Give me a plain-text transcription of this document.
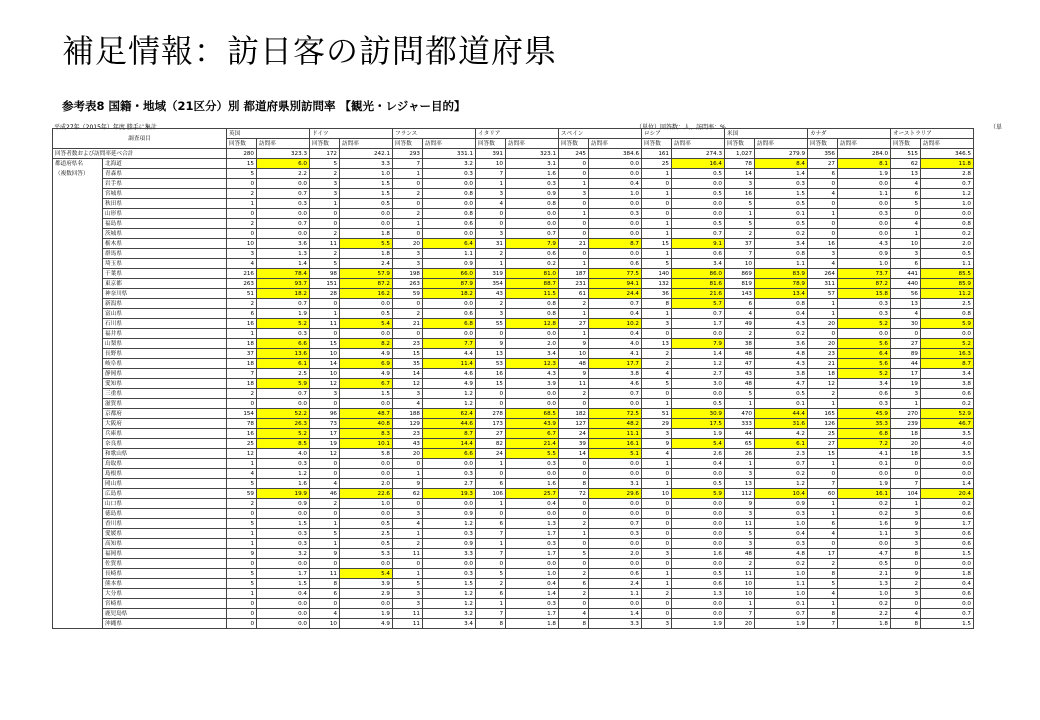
補足情報：訪日客の訪問都道府県
参考表8 国籍・地域（21区分）別 都道府県別訪問率 【観光・レジャー目的】
平成27年（2015年）年度 勝手に集計	（単位）回答数：人、訪問率：%	（単
調査項目		英国		ドイツ		フランス		イタリア		スペイン		ロシア		米国		カナダ		オーストラリア	
		回答数	訪問率	回答数	訪問率	回答数	訪問率	回答数	訪問率	回答数	訪問率	回答数	訪問率	回答数	訪問率	回答数	訪問率	回答数	訪問率
回答者数および訪問率延べ合計		280	323.3	172	242.1	293	331.1	391	323.1	245	384.6	161	274.3	1,027	279.9	356	284.0	515	346.5
都道府県名	北海道	15	6.0	5	3.3	7	3.2	10	3.1	0	0.0	25	16.4	78	8.4	27	8.1	62	11.8
（複数回答）	青森県	5	2.2	2	1.0	1	0.3	7	1.6	0	0.0	1	0.5	14	1.4	6	1.9	13	2.8
	岩手県	0	0.0	3	1.5	0	0.0	1	0.3	1	0.4	0	0.0	3	0.3	0	0.0	4	0.7
	宮城県	2	0.7	3	1.5	2	0.8	3	0.9	3	1.0	1	0.5	16	1.5	4	1.1	6	1.2
	秋田県	1	0.3	1	0.5	0	0.0	4	0.8	0	0.0	0	0.0	5	0.5	0	0.0	5	1.0
	山形県	0	0.0	0	0.0	2	0.8	0	0.0	1	0.3	0	0.0	1	0.1	1	0.3	0	0.0
	福島県	2	0.7	0	0.0	1	0.6	0	0.0	0	0.0	1	0.5	5	0.5	0	0.0	4	0.8
	茨城県	0	0.0	2	1.8	0	0.0	3	0.7	0	0.0	1	0.7	2	0.2	0	0.0	1	0.2
	栃木県	10	3.6	11	5.5	20	6.4	31	7.9	21	8.7	15	9.1	37	3.4	16	4.3	10	2.0
	群馬県	3	1.3	2	1.8	3	1.1	2	0.6	0	0.0	1	0.6	7	0.8	3	0.9	3	0.5
	埼玉県	4	1.4	5	2.4	3	0.9	1	0.2	1	0.6	5	3.4	10	1.1	4	1.0	6	1.1
	千葉県	216	78.4	98	57.9	198	66.0	319	81.0	187	77.5	140	86.0	869	83.9	264	73.7	441	85.5
	東京都	263	93.7	151	87.2	263	87.9	354	88.7	231	94.1	132	81.6	819	78.9	311	87.2	440	85.9
	神奈川県	51	18.2	28	16.2	59	18.2	43	11.5	61	24.4	36	21.6	143	13.4	57	15.8	56	11.2
	新潟県	2	0.7	0	0.0	0	0.0	2	0.8	2	0.7	8	5.7	6	0.8	1	0.3	13	2.5
	富山県	6	1.9	1	0.5	2	0.6	3	0.8	1	0.4	1	0.7	4	0.4	1	0.3	4	0.8
	石川県	16	5.2	11	5.4	21	6.8	55	12.8	27	10.2	3	1.7	49	4.3	20	5.2	30	5.9
	福井県	1	0.3	0	0.0	0	0.0	0	0.0	1	0.4	0	0.0	2	0.2	0	0.0	0	0.0
	山梨県	18	6.6	15	8.2	23	7.7	9	2.0	9	4.0	13	7.9	38	3.6	20	5.6	27	5.2
	長野県	37	13.6	10	4.9	15	4.4	13	3.4	10	4.1	2	1.4	48	4.8	23	6.4	89	16.3
	岐阜県	18	6.1	14	6.9	35	11.4	53	12.3	48	17.7	2	1.2	47	4.3	21	5.6	44	8.7
	静岡県	7	2.5	10	4.9	14	4.6	16	4.3	9	3.8	4	2.7	43	3.8	18	5.2	17	3.4
	愛知県	18	5.9	12	6.7	12	4.9	15	3.9	11	4.6	5	3.0	48	4.7	12	3.4	19	3.8
	三重県	2	0.7	3	1.5	3	1.2	0	0.0	2	0.7	0	0.0	5	0.5	2	0.6	3	0.6
	滋賀県	0	0.0	0	0.0	4	1.2	0	0.0	0	0.0	1	0.5	1	0.1	1	0.3	1	0.2
	京都府	154	52.2	96	48.7	188	62.4	278	68.5	182	72.5	51	30.9	470	44.4	165	45.9	270	52.9
	大阪府	78	26.3	73	40.8	129	44.6	173	43.9	127	48.2	29	17.5	333	31.6	126	35.3	239	46.7
	兵庫県	16	5.2	17	8.3	23	8.7	27	6.7	24	11.1	3	1.9	44	4.2	25	6.8	18	3.5
	奈良県	25	8.5	19	10.1	43	14.4	82	21.4	39	16.1	9	5.4	65	6.1	27	7.2	20	4.0
	和歌山県	12	4.0	12	5.8	20	6.6	24	5.5	14	5.1	4	2.6	26	2.3	15	4.1	18	3.5
	鳥取県	1	0.3	0	0.0	0	0.0	1	0.3	0	0.0	1	0.4	1	0.7	1	0.1	0	0.0
	島根県	4	1.2	0	0.0	1	0.3	0	0.0	0	0.0	0	0.0	3	0.2	0	0.0	0	0.0
	岡山県	5	1.6	4	2.0	9	2.7	6	1.6	8	3.1	1	0.5	13	1.2	7	1.9	7	1.4
	広島県	59	19.9	46	22.6	62	19.3	106	25.7	72	29.6	10	5.9	112	10.4	60	16.1	104	20.4
	山口県	2	0.9	2	1.0	0	0.0	1	0.4	0	0.0	0	0.0	9	0.9	1	0.2	1	0.2
	徳島県	0	0.0	0	0.0	3	0.9	0	0.0	0	0.0	0	0.0	3	0.3	1	0.2	3	0.6
	香川県	5	1.5	1	0.5	4	1.2	6	1.3	2	0.7	0	0.0	11	1.0	6	1.6	9	1.7
	愛媛県	1	0.3	5	2.5	1	0.3	7	1.7	1	0.3	0	0.0	5	0.4	4	1.1	3	0.6
	高知県	1	0.3	1	0.5	2	0.9	1	0.3	0	0.0	0	0.0	3	0.3	0	0.0	3	0.6
	福岡県	9	3.2	9	5.3	11	3.3	7	1.7	5	2.0	3	1.6	48	4.8	17	4.7	8	1.5
	佐賀県	0	0.0	0	0.0	0	0.0	0	0.0	0	0.0	0	0.0	2	0.2	2	0.5	0	0.0
	長崎県	5	1.7	11	5.4	1	0.3	5	1.0	2	0.6	1	0.5	11	1.0	8	2.1	9	1.8
	熊本県	5	1.5	8	3.9	5	1.5	2	0.4	6	2.4	1	0.6	10	1.1	5	1.3	2	0.4
	大分県	1	0.4	6	2.9	3	1.2	6	1.4	2	1.1	2	1.3	10	1.0	4	1.0	3	0.6
	宮崎県	0	0.0	0	0.0	3	1.2	1	0.3	0	0.0	0	0.0	1	0.1	1	0.2	0	0.0
	鹿児島県	0	0.0	4	1.9	11	3.2	7	1.7	4	1.4	0	0.0	7	0.7	8	2.2	4	0.7
	沖縄県	0	0.0	10	4.9	11	3.4	8	1.8	8	3.3	3	1.9	20	1.9	7	1.8	8	1.5
